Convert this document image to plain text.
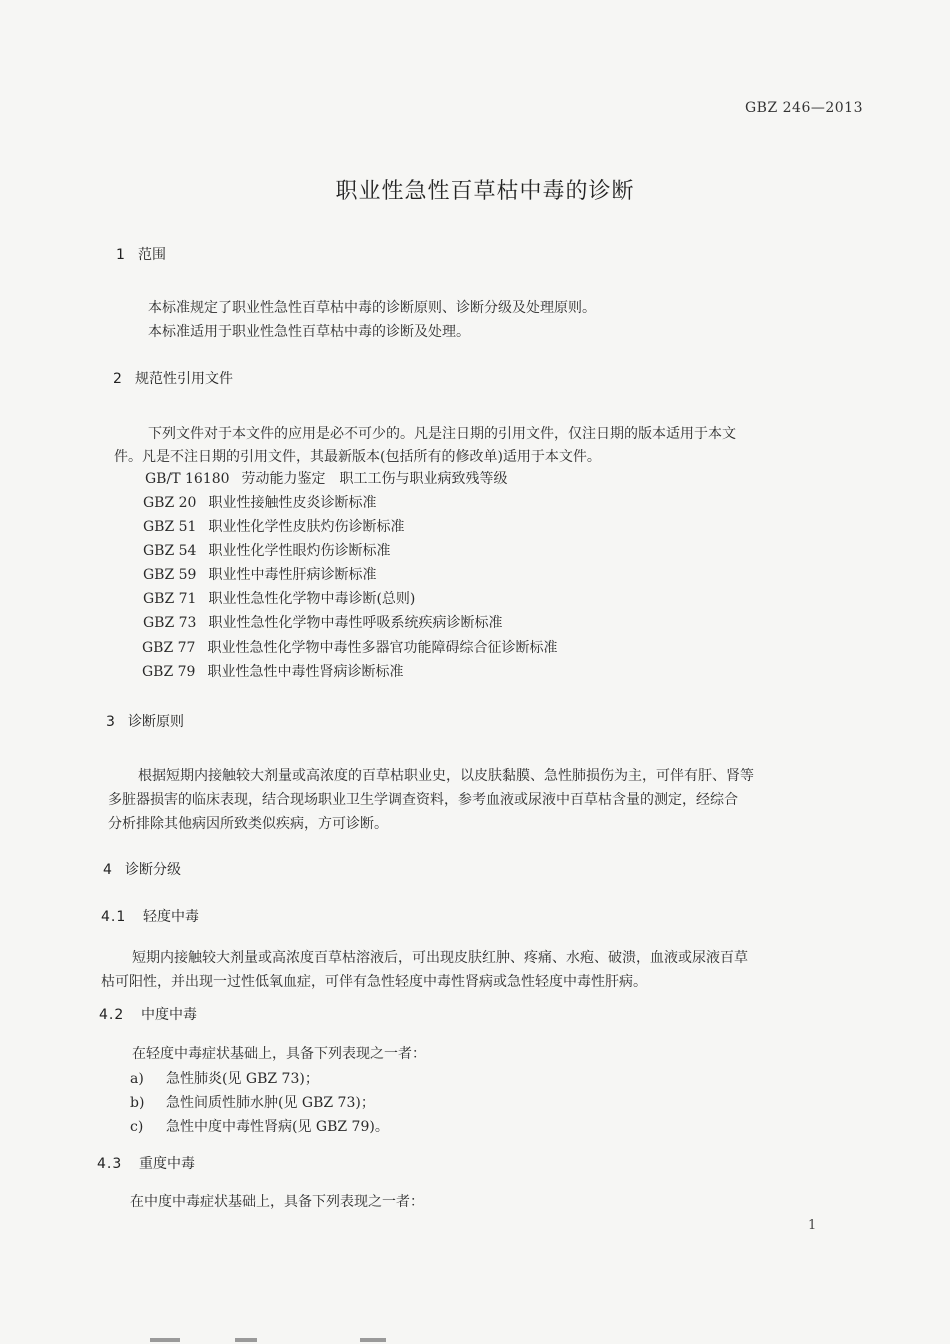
GBZ 246—2013
职业性急性百草枯中毒的诊断
1 范围
本标准规定了职业性急性百草枯中毒的诊断原则、诊断分级及处理原则。
本标准适用于职业性急性百草枯中毒的诊断及处理。
2 规范性引用文件
下列文件对于本文件的应用是必不可少的。凡是注日期的引用文件，仅注日期的版本适用于本文
件。凡是不注日期的引用文件，其最新版本(包括所有的修改单)适用于本文件。
GB/T 16180 劳动能力鉴定　职工工伤与职业病致残等级
GBZ 20 职业性接触性皮炎诊断标准
GBZ 51 职业性化学性皮肤灼伤诊断标准
GBZ 54 职业性化学性眼灼伤诊断标准
GBZ 59 职业性中毒性肝病诊断标准
GBZ 71 职业性急性化学物中毒诊断(总则)
GBZ 73 职业性急性化学物中毒性呼吸系统疾病诊断标准
GBZ 77 职业性急性化学物中毒性多器官功能障碍综合征诊断标准
GBZ 79 职业性急性中毒性肾病诊断标准
3 诊断原则
根据短期内接触较大剂量或高浓度的百草枯职业史，以皮肤黏膜、急性肺损伤为主，可伴有肝、肾等
多脏器损害的临床表现，结合现场职业卫生学调查资料，参考血液或尿液中百草枯含量的测定，经综合
分析排除其他病因所致类似疾病，方可诊断。
4 诊断分级
4.1 轻度中毒
短期内接触较大剂量或高浓度百草枯溶液后，可出现皮肤红肿、疼痛、水疱、破溃，血液或尿液百草
枯可阳性，并出现一过性低氧血症，可伴有急性轻度中毒性肾病或急性轻度中毒性肝病。
4.2 中度中毒
在轻度中毒症状基础上，具备下列表现之一者：
a) 急性肺炎(见 GBZ 73)；
b) 急性间质性肺水肿(见 GBZ 73)；
c) 急性中度中毒性肾病(见 GBZ 79)。
4.3 重度中毒
在中度中毒症状基础上，具备下列表现之一者：
1
